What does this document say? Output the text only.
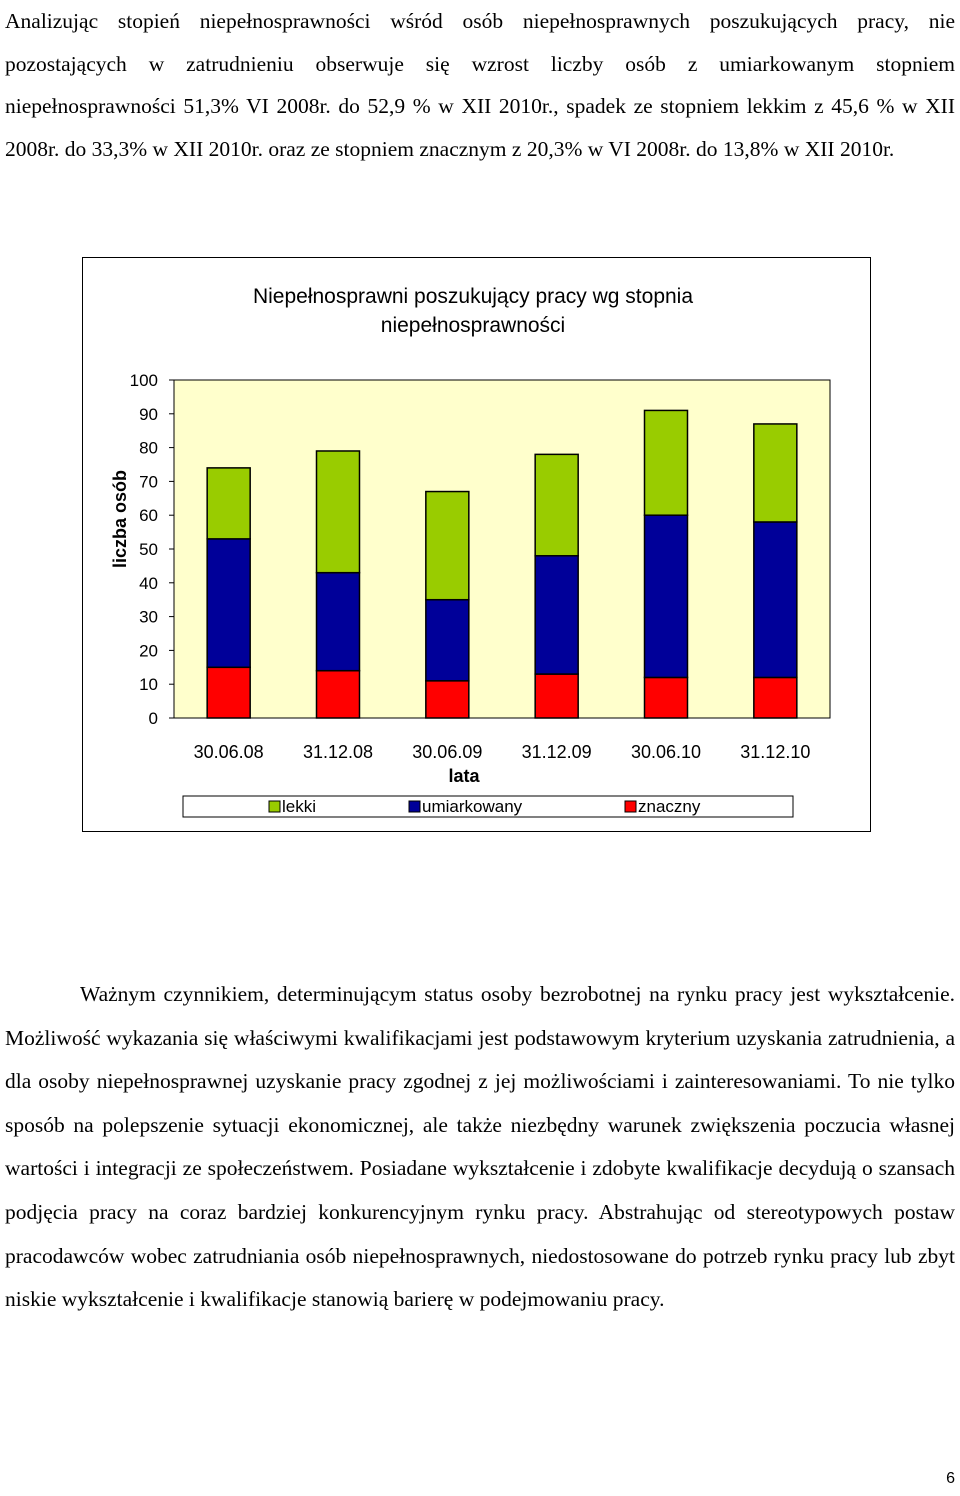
Analizując stopień niepełnosprawności wśród osób niepełnosprawnych poszukujących pracy, nie pozostających w zatrudnieniu obserwuje się wzrost liczby osób z umiarkowanym stopniem niepełnosprawności 51,3% VI 2008r. do 52,9 % w XII 2010r., spadek ze stopniem lekkim z 45,6 % w XII 2008r. do 33,3% w XII 2010r. oraz ze stopniem znacznym z 20,3% w VI 2008r. do 13,8% w XII 2010r.

Niepełnosprawni poszukujący pracy wg stopnia
niepełnosprawności
0
10
20
30
40
50
60
70
80
90
100
liczba osób
30.06.08 31.12.08 30.06.09 31.12.09 30.06.10 31.12.10
lata
lekki	umiarkowany	znaczny

Ważnym czynnikiem, determinującym status osoby bezrobotnej na rynku pracy jest wykształcenie. Możliwość wykazania się właściwymi kwalifikacjami jest podstawowym kryterium uzyskania zatrudnienia, a dla osoby niepełnosprawnej uzyskanie pracy zgodnej z jej możliwościami i zainteresowaniami. To nie tylko sposób na polepszenie sytuacji ekonomicznej, ale także niezbędny warunek zwiększenia poczucia własnej wartości i integracji ze społeczeństwem. Posiadane wykształcenie i zdobyte kwalifikacje decydują o szansach podjęcia pracy na coraz bardziej konkurencyjnym rynku pracy. Abstrahując od stereotypowych postaw pracodawców wobec zatrudniania osób niepełnosprawnych, niedostosowane do potrzeb rynku pracy lub zbyt niskie wykształcenie i kwalifikacje stanowią barierę w podejmowaniu pracy.

6
